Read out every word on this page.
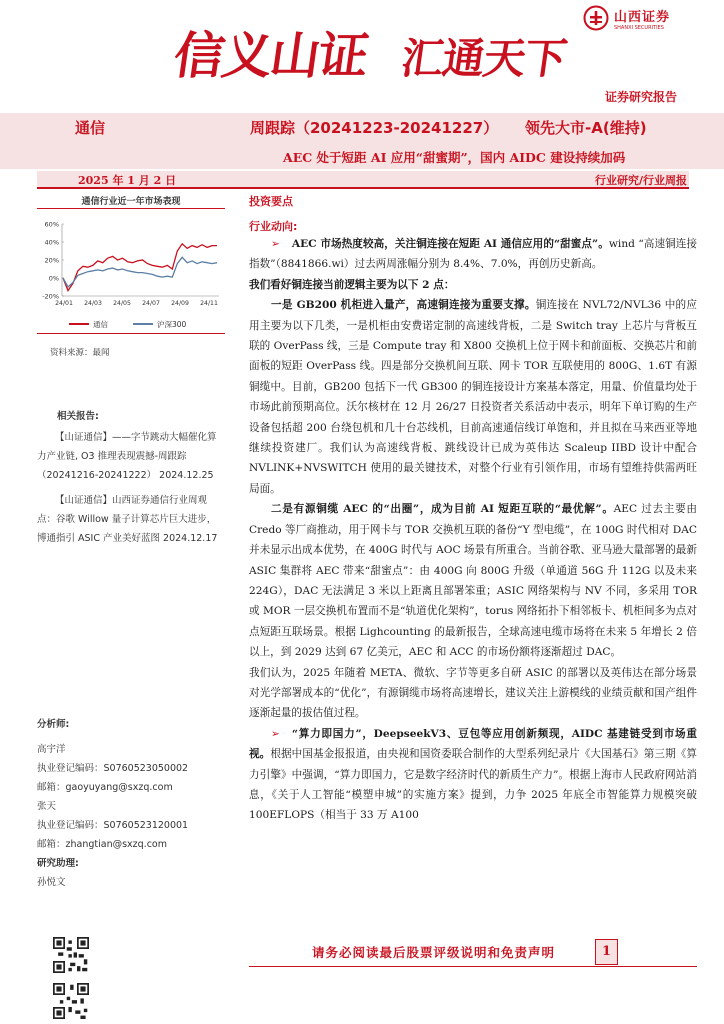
信义山证 汇通天下
山西证券
SHANXI SECURITIES
证券研究报告
通信	周跟踪（20241223-20241227） 领先大市-A(维持)
AEC 处于短距 AI 应用“甜蜜期”，国内 AIDC 建设持续加码
2025 年 1 月 2 日	行业研究/行业周报
通信行业近一年市场表现
60%
40%
20%
0%
-20%
24/01 24/03 24/05 24/07 24/09 24/11
通信	沪深300
资料来源：最闻
相关报告:

【山证通信】——字节跳动大幅催化算力产业链, O3 推理表现震撼-周跟踪（20241216-20241222） 2024.12.25

【山证通信】山西证券通信行业周观点：谷歌 Willow 量子计算芯片巨大进步，博通指引 ASIC 产业美好蓝图 2024.12.17

分析师:
高宇洋
执业登记编码：S0760523050002
邮箱：gaoyuyang@sxzq.com
张天
执业登记编码：S0760523120001
邮箱：zhangtian@sxzq.com
研究助理:
孙悦文
投资要点
行业动向:

➢ AEC 市场热度较高，关注铜连接在短距 AI 通信应用的“甜蜜点”。wind “高速铜连接指数”（8841866.wi）过去两周涨幅分别为 8.4%、7.0%，再创历史新高。

我们看好铜连接当前逻辑主要为以下 2 点：

一是 GB200 机柜进入量产，高速铜连接为重要支撑。铜连接在 NVL72/NVL36 中的应用主要为以下几类，一是机柜由安费诺定制的高速线背板，二是 Switch tray 上芯片与背板互联的 OverPass 线，三是 Compute tray 和 X800 交换机上位于网卡和前面板、交换芯片和前面板的短距 OverPass 线。四是部分交换机间互联、网卡 TOR 互联使用的 800G、1.6T 有源铜缆中。目前，GB200 包括下一代 GB300 的铜连接设计方案基本落定，用量、价值量均处于市场此前预期高位。沃尔核材在 12 月 26/27 日投资者关系活动中表示，明年下单订购的生产设备包括超 200 台绕包机和几十台芯线机，目前高速通信线订单饱和，并且拟在马来西亚等地继续投资建厂。我们认为高速线背板、跳线设计已成为英伟达 Scaleup IIBD 设计中配合 NVLINK+NVSWITCH 使用的最关键技术，对整个行业有引领作用，市场有望维持供需两旺局面。

二是有源铜缆 AEC 的“出圈”，成为目前 AI 短距互联的“最优解”。AEC 过去主要由 Credo 等厂商推动，用于网卡与 TOR 交换机互联的备份“Y 型电缆”，在 100G 时代相对 DAC 并未显示出成本优势，在 400G 时代与 AOC 场景有所重合。当前谷歌、亚马逊大量部署的最新 ASIC 集群将 AEC 带来“甜蜜点”：由 400G 向 800G 升级（单通道 56G 升 112G 以及未来 224G），DAC 无法满足 3 米以上距离且部署笨重；ASIC 网络架构与 NV 不同，多采用 TOR 或 MOR 一层交换机布置而不是“轨道优化架构”，torus 网络拓扑下相邻板卡、机柜间多为点对点短距互联场景。根据 Lighcounting 的最新报告，全球高速电缆市场将在未来 5 年增长 2 倍以上，到 2029 达到 67 亿美元，AEC 和 ACC 的市场份额将逐渐超过 DAC。

我们认为，2025 年随着 META、微软、字节等更多自研 ASIC 的部署以及英伟达在部分场景对光学部署成本的“优化”，有源铜缆市场将高速增长，建议关注上游模线的业绩贡献和国产组件逐渐起量的拔估值过程。

➢ “算力即国力”，DeepseekV3、豆包等应用创新频现，AIDC 基建链受到市场重视。根据中国基金报报道，由央视和国资委联合制作的大型系列纪录片《大国基石》第三期《算力引擎》中强调，“算力即国力，它是数字经济时代的新质生产力”。根据上海市人民政府网站消息，《关于人工智能“模塑申城”的实施方案》提到，力争 2025 年底全市智能算力规模突破 100EFLOPS（相当于 33 万 A100

请务必阅读最后股票评级说明和免责声明	1
